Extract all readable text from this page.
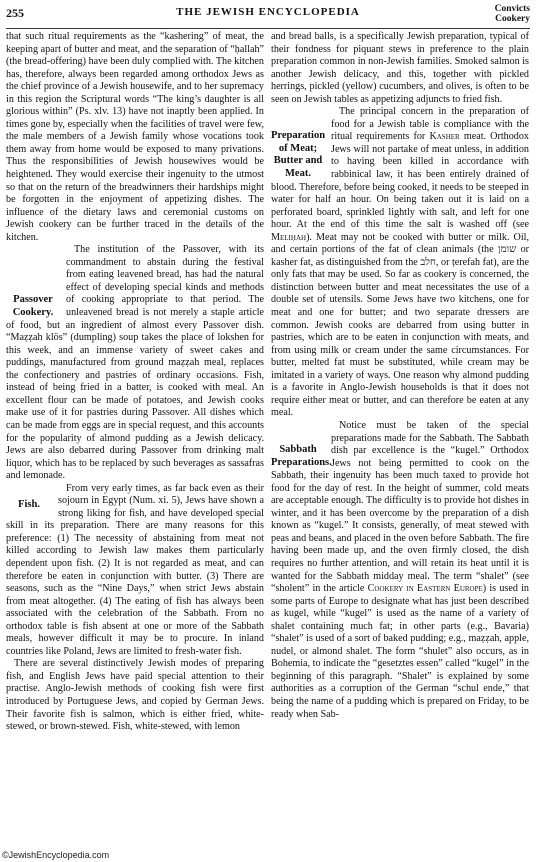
255	THE JEWISH ENCYCLOPEDIA	Convicts
Cookery

that such ritual requirements as the “kashering” of meat, the keeping apart of butter and meat, and the separation of “ḥallah” (the bread-offering) have been duly complied with. The kitchen has, therefore, always been regarded among orthodox Jews as the chief province of a Jewish housewife, and to her supremacy in this region the Scriptural words “The king’s daughter is all glorious within” (Ps. xlv. 13) have not inaptly been applied. In times gone by, especially when the facilities of travel were few, the male members of a Jewish family whose vocations took them away from home would be exposed to many privations. Thus the responsibilities of Jewish housewives would be heightened. They would exercise their ingenuity to the utmost so that on the return of the breadwinners their hardships might be forgotten in the enjoyment of appetizing dishes. The influence of the dietary laws and ceremonial customs on Jewish cookery can be further traced in the details of the kitchen.

Passover Cookery.
The institution of the Passover, with its commandment to abstain during the festival from eating leavened bread, has had the natural effect of developing special kinds and methods of cooking appropriate to that period. The unleavened bread is not merely a staple article of food, but an ingredient of almost every Passover dish. “Maẓẓah klös” (dumpling) soup takes the place of lokshen for this week, and an immense variety of sweet cakes and puddings, manufactured from ground maẓẓah meal, replaces the confectionery and pastries of ordinary occasions. Fish, instead of being fried in a batter, is cooked with meal. An excellent flour can be made of potatoes, and Jewish cooks make use of it for pastries during Passover. All dishes which can be made from eggs are in special request, and this accounts for the popularity of almond pudding as a Jewish delicacy. Jews are also debarred during Passover from drinking malt liquor, which has to be replaced by such beverages as sassafras and lemonade.

Fish.
From very early times, as far back even as their sojourn in Egypt (Num. xi. 5), Jews have shown a strong liking for fish, and have developed special skill in its preparation. There are many reasons for this preference: (1) The necessity of abstaining from meat not killed according to Jewish law makes them particularly dependent upon fish. (2) It is not regarded as meat, and can therefore be eaten in conjunction with butter. (3) There are seasons, such as the “Nine Days,” when strict Jews abstain from meat altogether. (4) The eating of fish has always been associated with the celebration of the Sabbath. From no orthodox table is fish absent at one or more of the Sabbath meals, however difficult it may be to procure. In inland countries like Poland, Jews are limited to fresh-water fish.

There are several distinctively Jewish modes of preparing fish, and English Jews have paid special attention to their practise. Anglo-Jewish methods of cooking fish were first introduced by Portuguese Jews, and copied by German Jews. Their favorite fish is salmon, which is either fried, white-stewed, or brown-stewed. Fish, white-stewed, with lemon

and bread balls, is a specifically Jewish preparation, typical of their fondness for piquant stews in preference to the plain preparation common in non-Jewish families. Smoked salmon is another Jewish delicacy, and this, together with pickled herrings, pickled (yellow) cucumbers, and olives, is often to be seen on Jewish tables as appetizing adjuncts to fried fish.

Preparation of Meat; Butter and Meat.
The principal concern in the preparation of food for a Jewish table is compliance with the ritual requirements for Kasher meat. Orthodox Jews will not partake of meat unless, in addition to having been killed in accordance with rabbinical law, it has been entirely drained of blood. Therefore, before being cooked, it needs to be steeped in water for half an hour. On being taken out it is laid on a perforated board, sprinkled lightly with salt, and left for one hour. At the end of this time the salt is washed off (see Meliḥah). Meat may not be cooked with butter or milk. Oil, and certain portions of the fat of clean animals (the שומן or kasher fat, as distinguished from the חלב, or ṭerefah fat), are the only fats that may be used. So far as cookery is concerned, the distinction between butter and meat necessitates the use of a double set of utensils. Some Jews have two kitchens, one for meat and one for butter; and two separate dressers are common. Jewish cooks are debarred from using butter in pastries, which are to be eaten in conjunction with meats, and from using milk or cream under the same circumstances. For butter, melted fat must be substituted, while cream may be imitated in a variety of ways. One reason why almond pudding is a favorite in Anglo-Jewish households is that it does not require either meat or butter, and can therefore be eaten at any meal.

Sabbath Preparations.
Notice must be taken of the special preparations made for the Sabbath. The Sabbath dish par excellence is the “kugel.” Orthodox Jews not being permitted to cook on the Sabbath, their ingenuity has been much taxed to provide hot food for the day of rest. In the height of summer, cold meats are acceptable enough. The difficulty is to provide hot dishes in winter, and it has been overcome by the preparation of a dish known as “kugel.” It consists, generally, of meat stewed with peas and beans, and placed in the oven before Sabbath. The fire having been made up, and the oven firmly closed, the dish requires no further attention, and will retain its heat until it is wanted for the Sabbath midday meal. The term “shalet” (see “sholent” in the article Cookery in Eastern Europe) is used in some parts of Europe to designate what has just been described as kugel, while “kugel” is used as the name of a variety of shalet containing much fat; in other parts (e.g., Bavaria) “shalet” is used of a sort of baked pudding; e.g., maẓẓah, apple, nudel, or almond shalet. The form “shulet” also occurs, as in Bohemia, to indicate the “gesetztes essen” called “kugel” in the beginning of this paragraph. “Shalet” is explained by some authorities as a corruption of the German “schul ende,” that being the name of a pudding which is prepared on Friday, to be ready when Sab-

©JewishEncyclopedia.com
